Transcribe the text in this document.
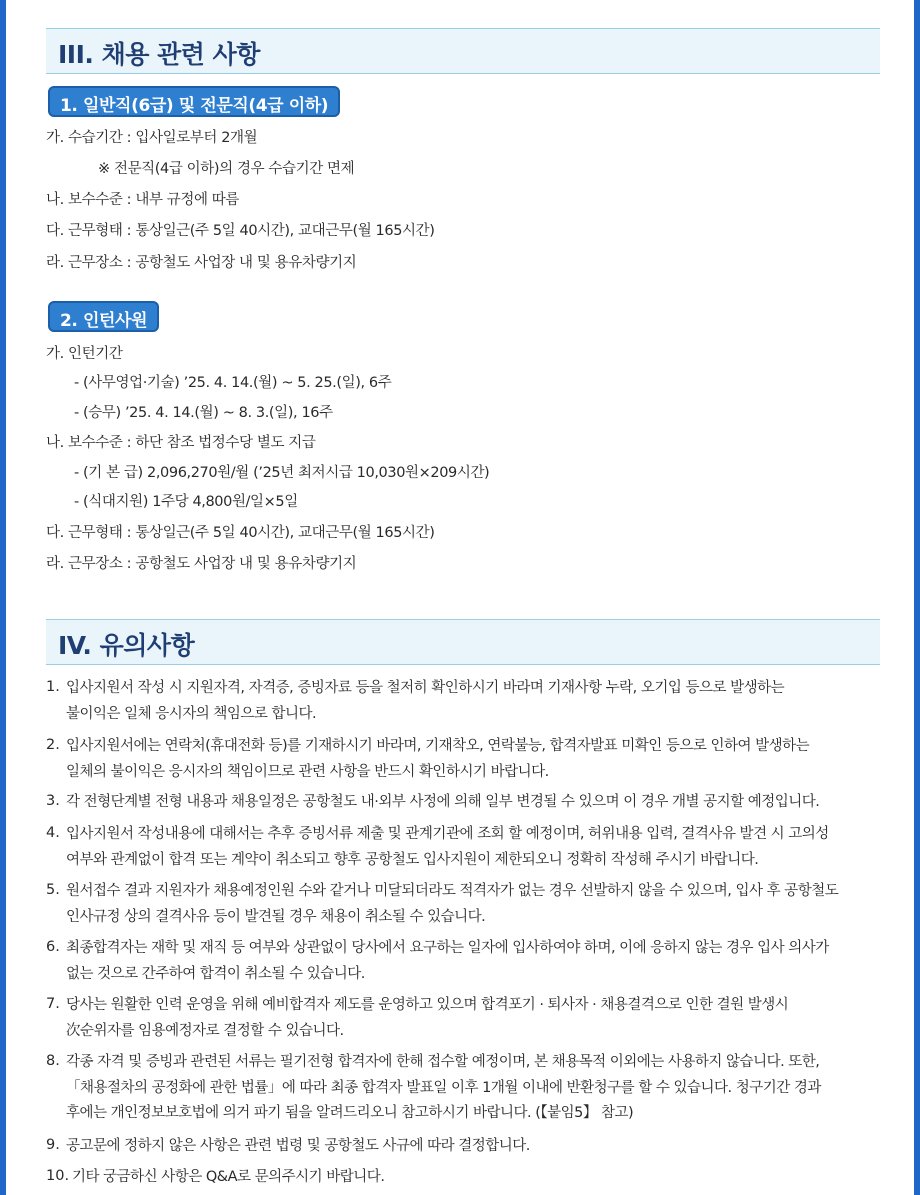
III. 채용 관련 사항
1. 일반직(6급) 및 전문직(4급 이하)
가. 수습기간 : 입사일로부터 2개월
※ 전문직(4급 이하)의 경우 수습기간 면제
나. 보수수준 : 내부 규정에 따름
다. 근무형태 : 통상일근(주 5일 40시간), 교대근무(월 165시간)
라. 근무장소 : 공항철도 사업장 내 및 용유차량기지
2. 인턴사원
가. 인턴기간
- (사무영업·기술) ’25. 4. 14.(월) ~ 5. 25.(일), 6주
- (승무) ’25. 4. 14.(월) ~ 8. 3.(일), 16주
나. 보수수준 : 하단 참조 법정수당 별도 지급
- (기 본 급) 2,096,270원/월 (’25년 최저시급 10,030원×209시간)
- (식대지원) 1주당 4,800원/일×5일
다. 근무형태 : 통상일근(주 5일 40시간), 교대근무(월 165시간)
라. 근무장소 : 공항철도 사업장 내 및 용유차량기지
IV. 유의사항
1. 입사지원서 작성 시 지원자격, 자격증, 증빙자료 등을 철저히 확인하시기 바라며 기재사항 누락, 오기입 등으로 발생하는
불이익은 일체 응시자의 책임으로 합니다.
2. 입사지원서에는 연락처(휴대전화 등)를 기재하시기 바라며, 기재착오, 연락불능, 합격자발표 미확인 등으로 인하여 발생하는
일체의 불이익은 응시자의 책임이므로 관련 사항을 반드시 확인하시기 바랍니다.
3. 각 전형단계별 전형 내용과 채용일정은 공항철도 내·외부 사정에 의해 일부 변경될 수 있으며 이 경우 개별 공지할 예정입니다.
4. 입사지원서 작성내용에 대해서는 추후 증빙서류 제출 및 관계기관에 조회 할 예정이며, 허위내용 입력, 결격사유 발견 시 고의성
여부와 관계없이 합격 또는 계약이 취소되고 향후 공항철도 입사지원이 제한되오니 정확히 작성해 주시기 바랍니다.
5. 원서접수 결과 지원자가 채용예정인원 수와 같거나 미달되더라도 적격자가 없는 경우 선발하지 않을 수 있으며, 입사 후 공항철도
인사규정 상의 결격사유 등이 발견될 경우 채용이 취소될 수 있습니다.
6. 최종합격자는 재학 및 재직 등 여부와 상관없이 당사에서 요구하는 일자에 입사하여야 하며, 이에 응하지 않는 경우 입사 의사가
없는 것으로 간주하여 합격이 취소될 수 있습니다.
7. 당사는 원활한 인력 운영을 위해 예비합격자 제도를 운영하고 있으며 합격포기 · 퇴사자 · 채용결격으로 인한 결원 발생시
次순위자를 임용예정자로 결정할 수 있습니다.
8. 각종 자격 및 증빙과 관련된 서류는 필기전형 합격자에 한해 접수할 예정이며, 본 채용목적 이외에는 사용하지 않습니다. 또한,
「채용절차의 공정화에 관한 법률」에 따라 최종 합격자 발표일 이후 1개월 이내에 반환청구를 할 수 있습니다. 청구기간 경과
후에는 개인정보보호법에 의거 파기 됨을 알려드리오니 참고하시기 바랍니다. (【붙임5】 참고)
9. 공고문에 정하지 않은 사항은 관련 법령 및 공항철도 사규에 따라 결정합니다.
10. 기타 궁금하신 사항은 Q&A로 문의주시기 바랍니다.
